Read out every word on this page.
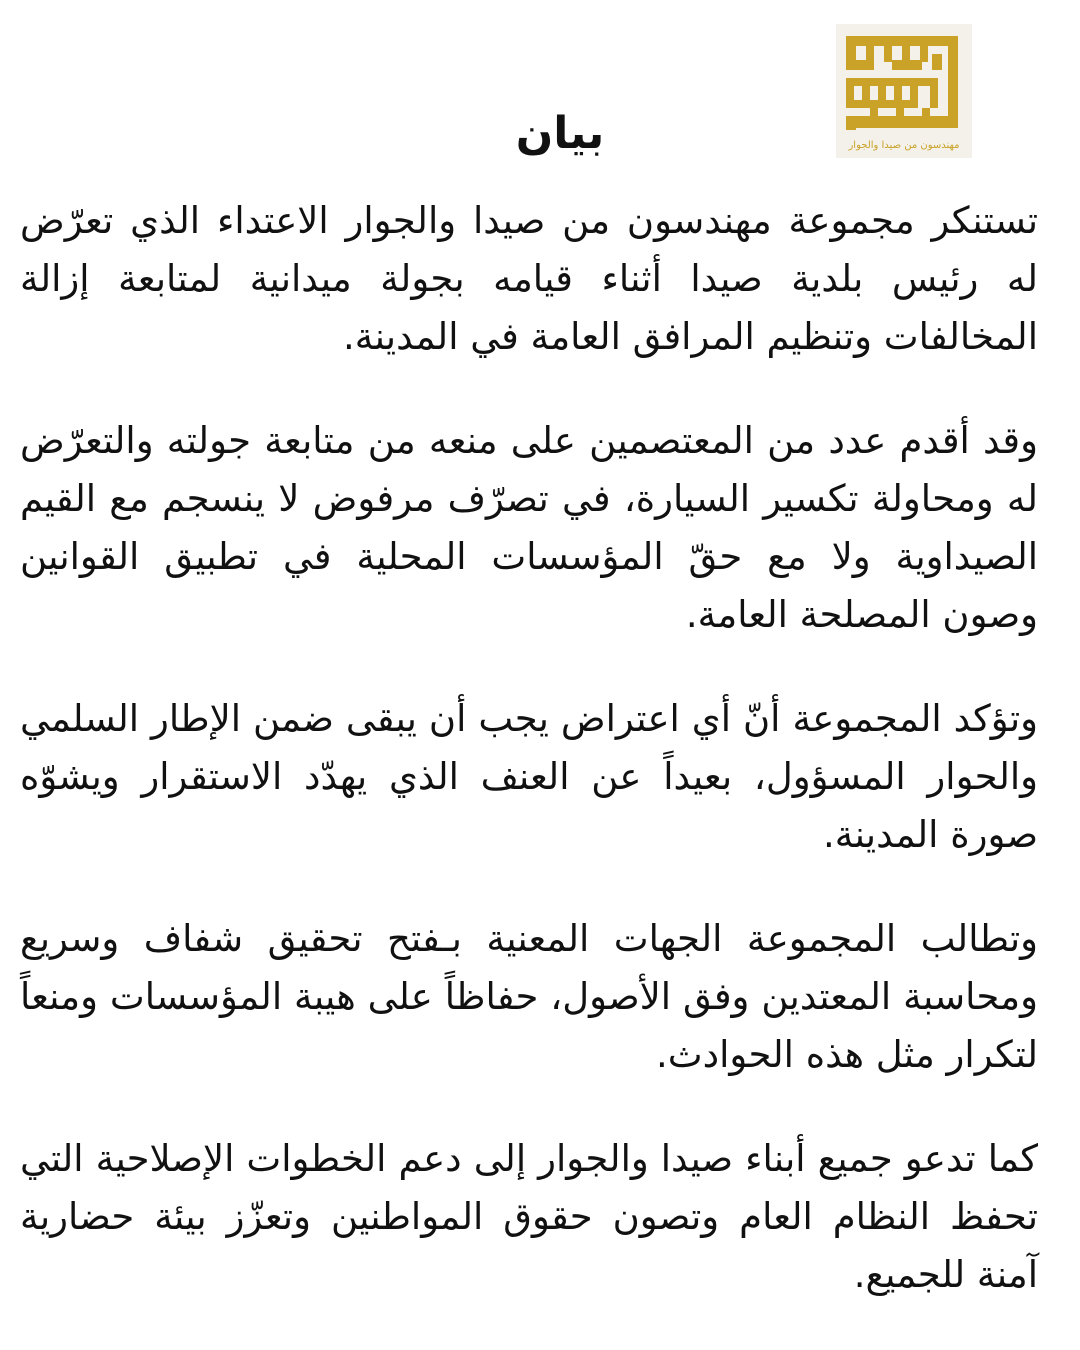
مهندسون من صيدا والجوار
بيان

تستنكر مجموعة مهندسون من صيدا والجوار الاعتداء الذي تعرّض له رئيس بلدية صيدا أثناء قيامه بجولة ميدانية لمتابعة إزالة المخالفات وتنظيم المرافق العامة في المدينة.

وقد أقدم عدد من المعتصمين على منعه من متابعة جولته والتعرّض له ومحاولة تكسير السيارة، في تصرّف مرفوض لا ينسجم مع القيم الصيداوية ولا مع حقّ المؤسسات المحلية في تطبيق القوانين وصون المصلحة العامة.

وتؤكد المجموعة أنّ أي اعتراض يجب أن يبقى ضمن الإطار السلمي والحوار المسؤول، بعيداً عن العنف الذي يهدّد الاستقرار ويشوّه صورة المدينة.

وتطالب المجموعة الجهات المعنية بـفتح تحقيق شفاف وسريع ومحاسبة المعتدين وفق الأصول، حفاظاً على هيبة المؤسسات ومنعاً لتكرار مثل هذه الحوادث.

كما تدعو جميع أبناء صيدا والجوار إلى دعم الخطوات الإصلاحية التي تحفظ النظام العام وتصون حقوق المواطنين وتعزّز بيئة حضارية آمنة للجميع.
